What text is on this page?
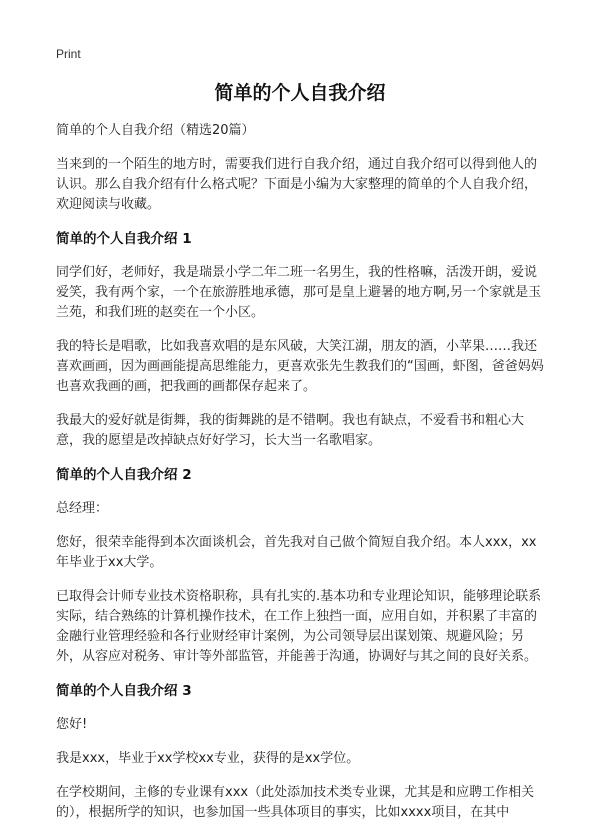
Print
简单的个人自我介绍

简单的个人自我介绍（精选20篇）

当来到的一个陌生的地方时，需要我们进行自我介绍，通过自我介绍可以得到他人的认识。那么自我介绍有什么格式呢？下面是小编为大家整理的简单的个人自我介绍，欢迎阅读与收藏。

简单的个人自我介绍 1

同学们好，老师好，我是瑞景小学二年二班一名男生，我的性格嘛，活泼开朗，爱说爱笑，我有两个家，一个在旅游胜地承德，那可是皇上避暑的地方啊,另一个家就是玉兰苑，和我们班的赵奕在一个小区。

我的特长是唱歌，比如我喜欢唱的是东风破，大笑江湖，朋友的酒，小苹果……我还喜欢画画，因为画画能提高思维能力，更喜欢张先生教我们的“国画，虾图，爸爸妈妈也喜欢我画的画，把我画的画都保存起来了。

我最大的爱好就是街舞，我的街舞跳的是不错啊。我也有缺点，不爱看书和粗心大意，我的愿望是改掉缺点好好学习，长大当一名歌唱家。

简单的个人自我介绍 2

总经理：

您好，很荣幸能得到本次面谈机会，首先我对自己做个简短自我介绍。本人xxx，xx年毕业于xx大学。

已取得会计师专业技术资格职称，具有扎实的.基本功和专业理论知识，能够理论联系实际，结合熟练的计算机操作技术，在工作上独挡一面，应用自如，并积累了丰富的金融行业管理经验和各行业财经审计案例，为公司领导层出谋划策、规避风险；另外，从容应对税务、审计等外部监管，并能善于沟通，协调好与其之间的良好关系。

简单的个人自我介绍 3

您好!

我是xxx，毕业于xx学校xx专业，获得的是xx学位。

在学校期间，主修的专业课有xxx（此处添加技术类专业课，尤其是和应聘工作相关的），根据所学的知识，也参加国一些具体项目的事实，比如xxxx项目，在其中
